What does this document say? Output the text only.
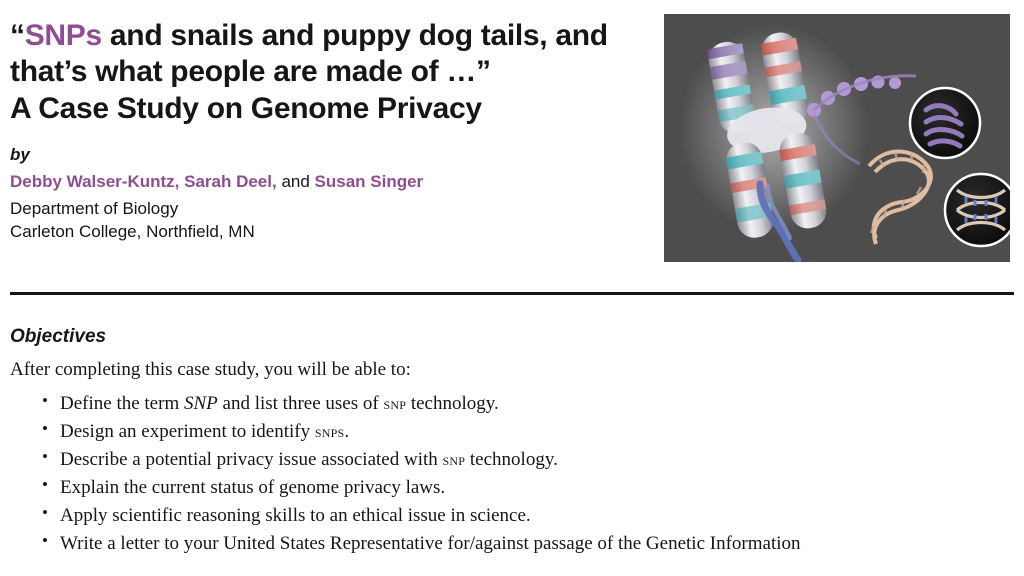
“SNPs and snails and puppy dog tails, and
that’s what people are made of …”
A Case Study on Genome Privacy
by
Debby Walser-Kuntz, Sarah Deel, and Susan Singer
Department of Biology
Carleton College, Northfield, MN
Objectives
After completing this case study, you will be able to:
• Define the term SNP and list three uses of snp technology.
• Design an experiment to identify snps.
• Describe a potential privacy issue associated with snp technology.
• Explain the current status of genome privacy laws.
• Apply scientific reasoning skills to an ethical issue in science.
• Write a letter to your United States Representative for/against passage of the Genetic Information
